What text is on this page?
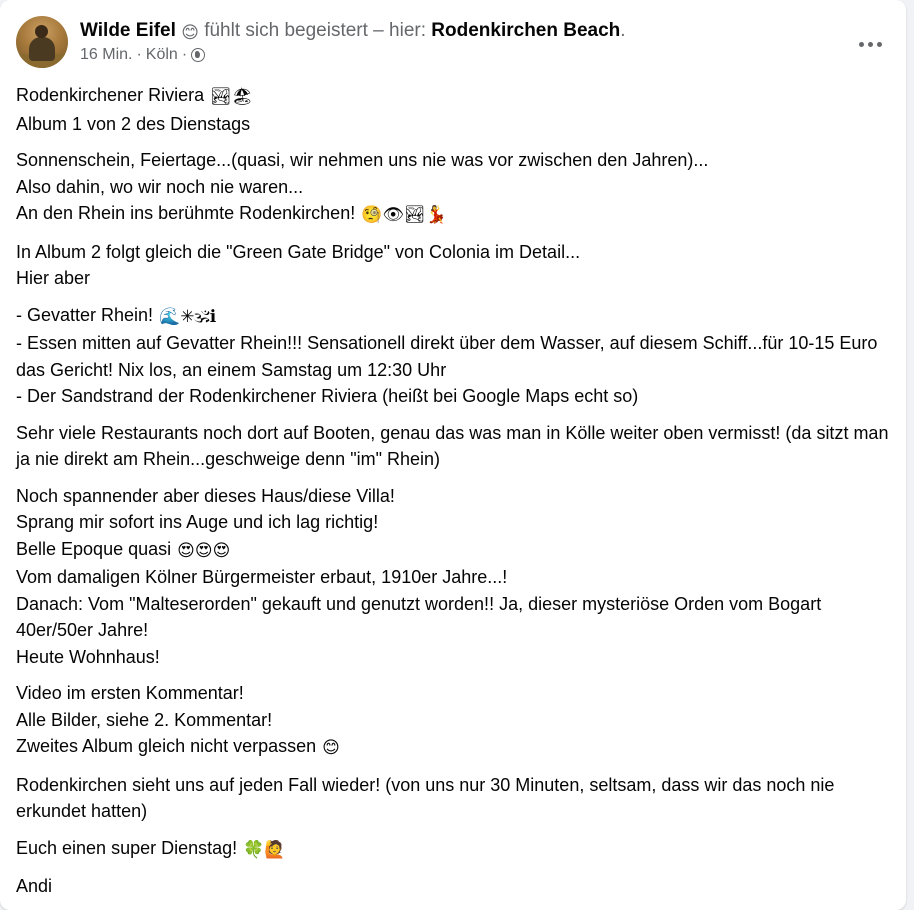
Wilde Eifel 😊 fühlt sich begeistert – hier: Rodenkirchen Beach.
16 Min. · Köln ·
Rodenkirchener Riviera 🏞🏖
Album 1 von 2 des Dienstags
Sonnenschein, Feiertage...(quasi, wir nehmen uns nie was vor zwischen den Jahren)...
Also dahin, wo wir noch nie waren...
An den Rhein ins berühmte Rodenkirchen! 🧐👁🏞💃
In Album 2 folgt gleich die "Green Gate Bridge" von Colonia im Detail...
Hier aber
- Gevatter Rhein! 🌊✳🕉ℹ
- Essen mitten auf Gevatter Rhein!!! Sensationell direkt über dem Wasser, auf diesem Schiff...für 10-15 Euro das Gericht! Nix los, an einem Samstag um 12:30 Uhr
- Der Sandstrand der Rodenkirchener Riviera (heißt bei Google Maps echt so)
Sehr viele Restaurants noch dort auf Booten, genau das was man in Kölle weiter oben vermisst! (da sitzt man ja nie direkt am Rhein...geschweige denn "im" Rhein)
Noch spannender aber dieses Haus/diese Villa!
Sprang mir sofort ins Auge und ich lag richtig!
Belle Epoque quasi 😍😍😍
Vom damaligen Kölner Bürgermeister erbaut, 1910er Jahre...!
Danach: Vom "Malteserorden" gekauft und genutzt worden!! Ja, dieser mysteriöse Orden vom Bogart 40er/50er Jahre!
Heute Wohnhaus!
Video im ersten Kommentar!
Alle Bilder, siehe 2. Kommentar!
Zweites Album gleich nicht verpassen 😊
Rodenkirchen sieht uns auf jeden Fall wieder! (von uns nur 30 Minuten, seltsam, dass wir das noch nie erkundet hatten)
Euch einen super Dienstag! 🍀🙋
Andi
